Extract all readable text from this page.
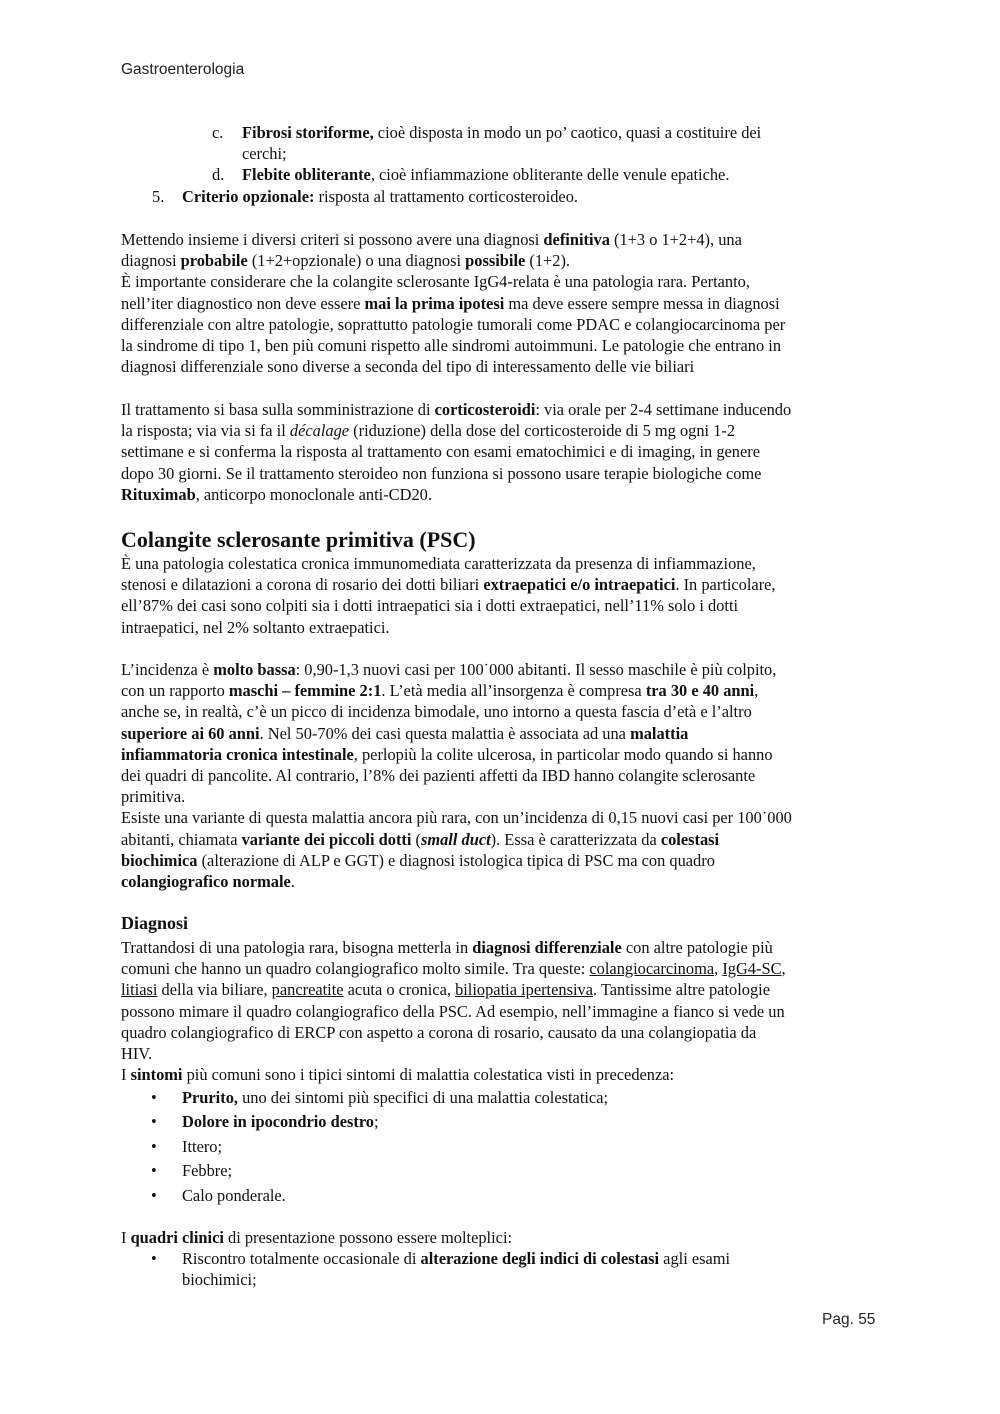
Gastroenterologia
c. Fibrosi storiforme, cioè disposta in modo un po’ caotico, quasi a costituire dei
cerchi;
d. Flebite obliterante, cioè infiammazione obliterante delle venule epatiche.
5. Criterio opzionale: risposta al trattamento corticosteroideo.

Mettendo insieme i diversi criteri si possono avere una diagnosi definitiva (1+3 o 1+2+4), una

diagnosi probabile (1+2+opzionale) o una diagnosi possibile (1+2).

È importante considerare che la colangite sclerosante IgG4-relata è una patologia rara. Pertanto,

nell’iter diagnostico non deve essere mai la prima ipotesi ma deve essere sempre messa in diagnosi

differenziale con altre patologie, soprattutto patologie tumorali come PDAC e colangiocarcinoma per

la sindrome di tipo 1, ben più comuni rispetto alle sindromi autoimmuni. Le patologie che entrano in

diagnosi differenziale sono diverse a seconda del tipo di interessamento delle vie biliari

Il trattamento si basa sulla somministrazione di corticosteroidi: via orale per 2-4 settimane inducendo

la risposta; via via si fa il décalage (riduzione) della dose del corticosteroide di 5 mg ogni 1-2

settimane e si conferma la risposta al trattamento con esami ematochimici e di imaging, in genere

dopo 30 giorni. Se il trattamento steroideo non funziona si possono usare terapie biologiche come

Rituximab, anticorpo monoclonale anti-CD20.

Colangite sclerosante primitiva (PSC)

È una patologia colestatica cronica immunomediata caratterizzata da presenza di infiammazione,

stenosi e dilatazioni a corona di rosario dei dotti biliari extraepatici e/o intraepatici. In particolare,

ell’87% dei casi sono colpiti sia i dotti intraepatici sia i dotti extraepatici, nell’11% solo i dotti

intraepatici, nel 2% soltanto extraepatici.

L’incidenza è molto bassa: 0,90-1,3 nuovi casi per 100˙000 abitanti. Il sesso maschile è più colpito,

con un rapporto maschi – femmine 2:1. L’età media all’insorgenza è compresa tra 30 e 40 anni,

anche se, in realtà, c’è un picco di incidenza bimodale, uno intorno a questa fascia d’età e l’altro

superiore ai 60 anni. Nel 50-70% dei casi questa malattia è associata ad una malattia

infiammatoria cronica intestinale, perlopiù la colite ulcerosa, in particolar modo quando si hanno

dei quadri di pancolite. Al contrario, l’8% dei pazienti affetti da IBD hanno colangite sclerosante

primitiva.

Esiste una variante di questa malattia ancora più rara, con un’incidenza di 0,15 nuovi casi per 100˙000

abitanti, chiamata variante dei piccoli dotti (small duct). Essa è caratterizzata da colestasi

biochimica (alterazione di ALP e GGT) e diagnosi istologica tipica di PSC ma con quadro

colangiografico normale.

Diagnosi

Trattandosi di una patologia rara, bisogna metterla in diagnosi differenziale con altre patologie più

comuni che hanno un quadro colangiografico molto simile. Tra queste: colangiocarcinoma, IgG4-SC,

litiasi della via biliare, pancreatite acuta o cronica, biliopatia ipertensiva. Tantissime altre patologie

possono mimare il quadro colangiografico della PSC. Ad esempio, nell’immagine a fianco si vede un

quadro colangiografico di ERCP con aspetto a corona di rosario, causato da una colangiopatia da

HIV.

I sintomi più comuni sono i tipici sintomi di malattia colestatica visti in precedenza:

• Prurito, uno dei sintomi più specifici di una malattia colestatica;
• Dolore in ipocondrio destro;
• Ittero;
• Febbre;
• Calo ponderale.

I quadri clinici di presentazione possono essere molteplici:

• Riscontro totalmente occasionale di alterazione degli indici di colestasi agli esami
biochimici;
Pag. 55
